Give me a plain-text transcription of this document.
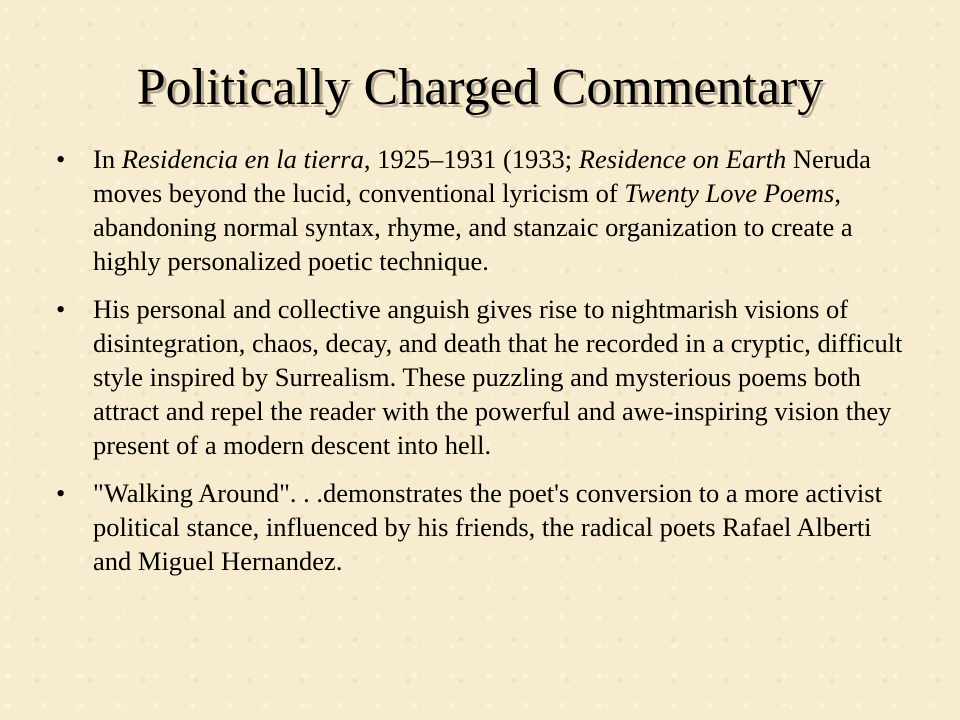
Politically Charged Commentary
•	In Residencia en la tierra, 1925–1931 (1933; Residence on Earth Neruda moves beyond the lucid, conventional lyricism of Twenty Love Poems, abandoning normal syntax, rhyme, and stanzaic organization to create a highly personalized poetic technique.
•	His personal and collective anguish gives rise to nightmarish visions of disintegration, chaos, decay, and death that he recorded in a cryptic, difficult style inspired by Surrealism. These puzzling and mysterious poems both attract and repel the reader with the powerful and awe-inspiring vision they present of a modern descent into hell.
•	"Walking Around". . .demonstrates the poet's conversion to a more activist political stance, influenced by his friends, the radical poets Rafael Alberti and Miguel Hernandez.
